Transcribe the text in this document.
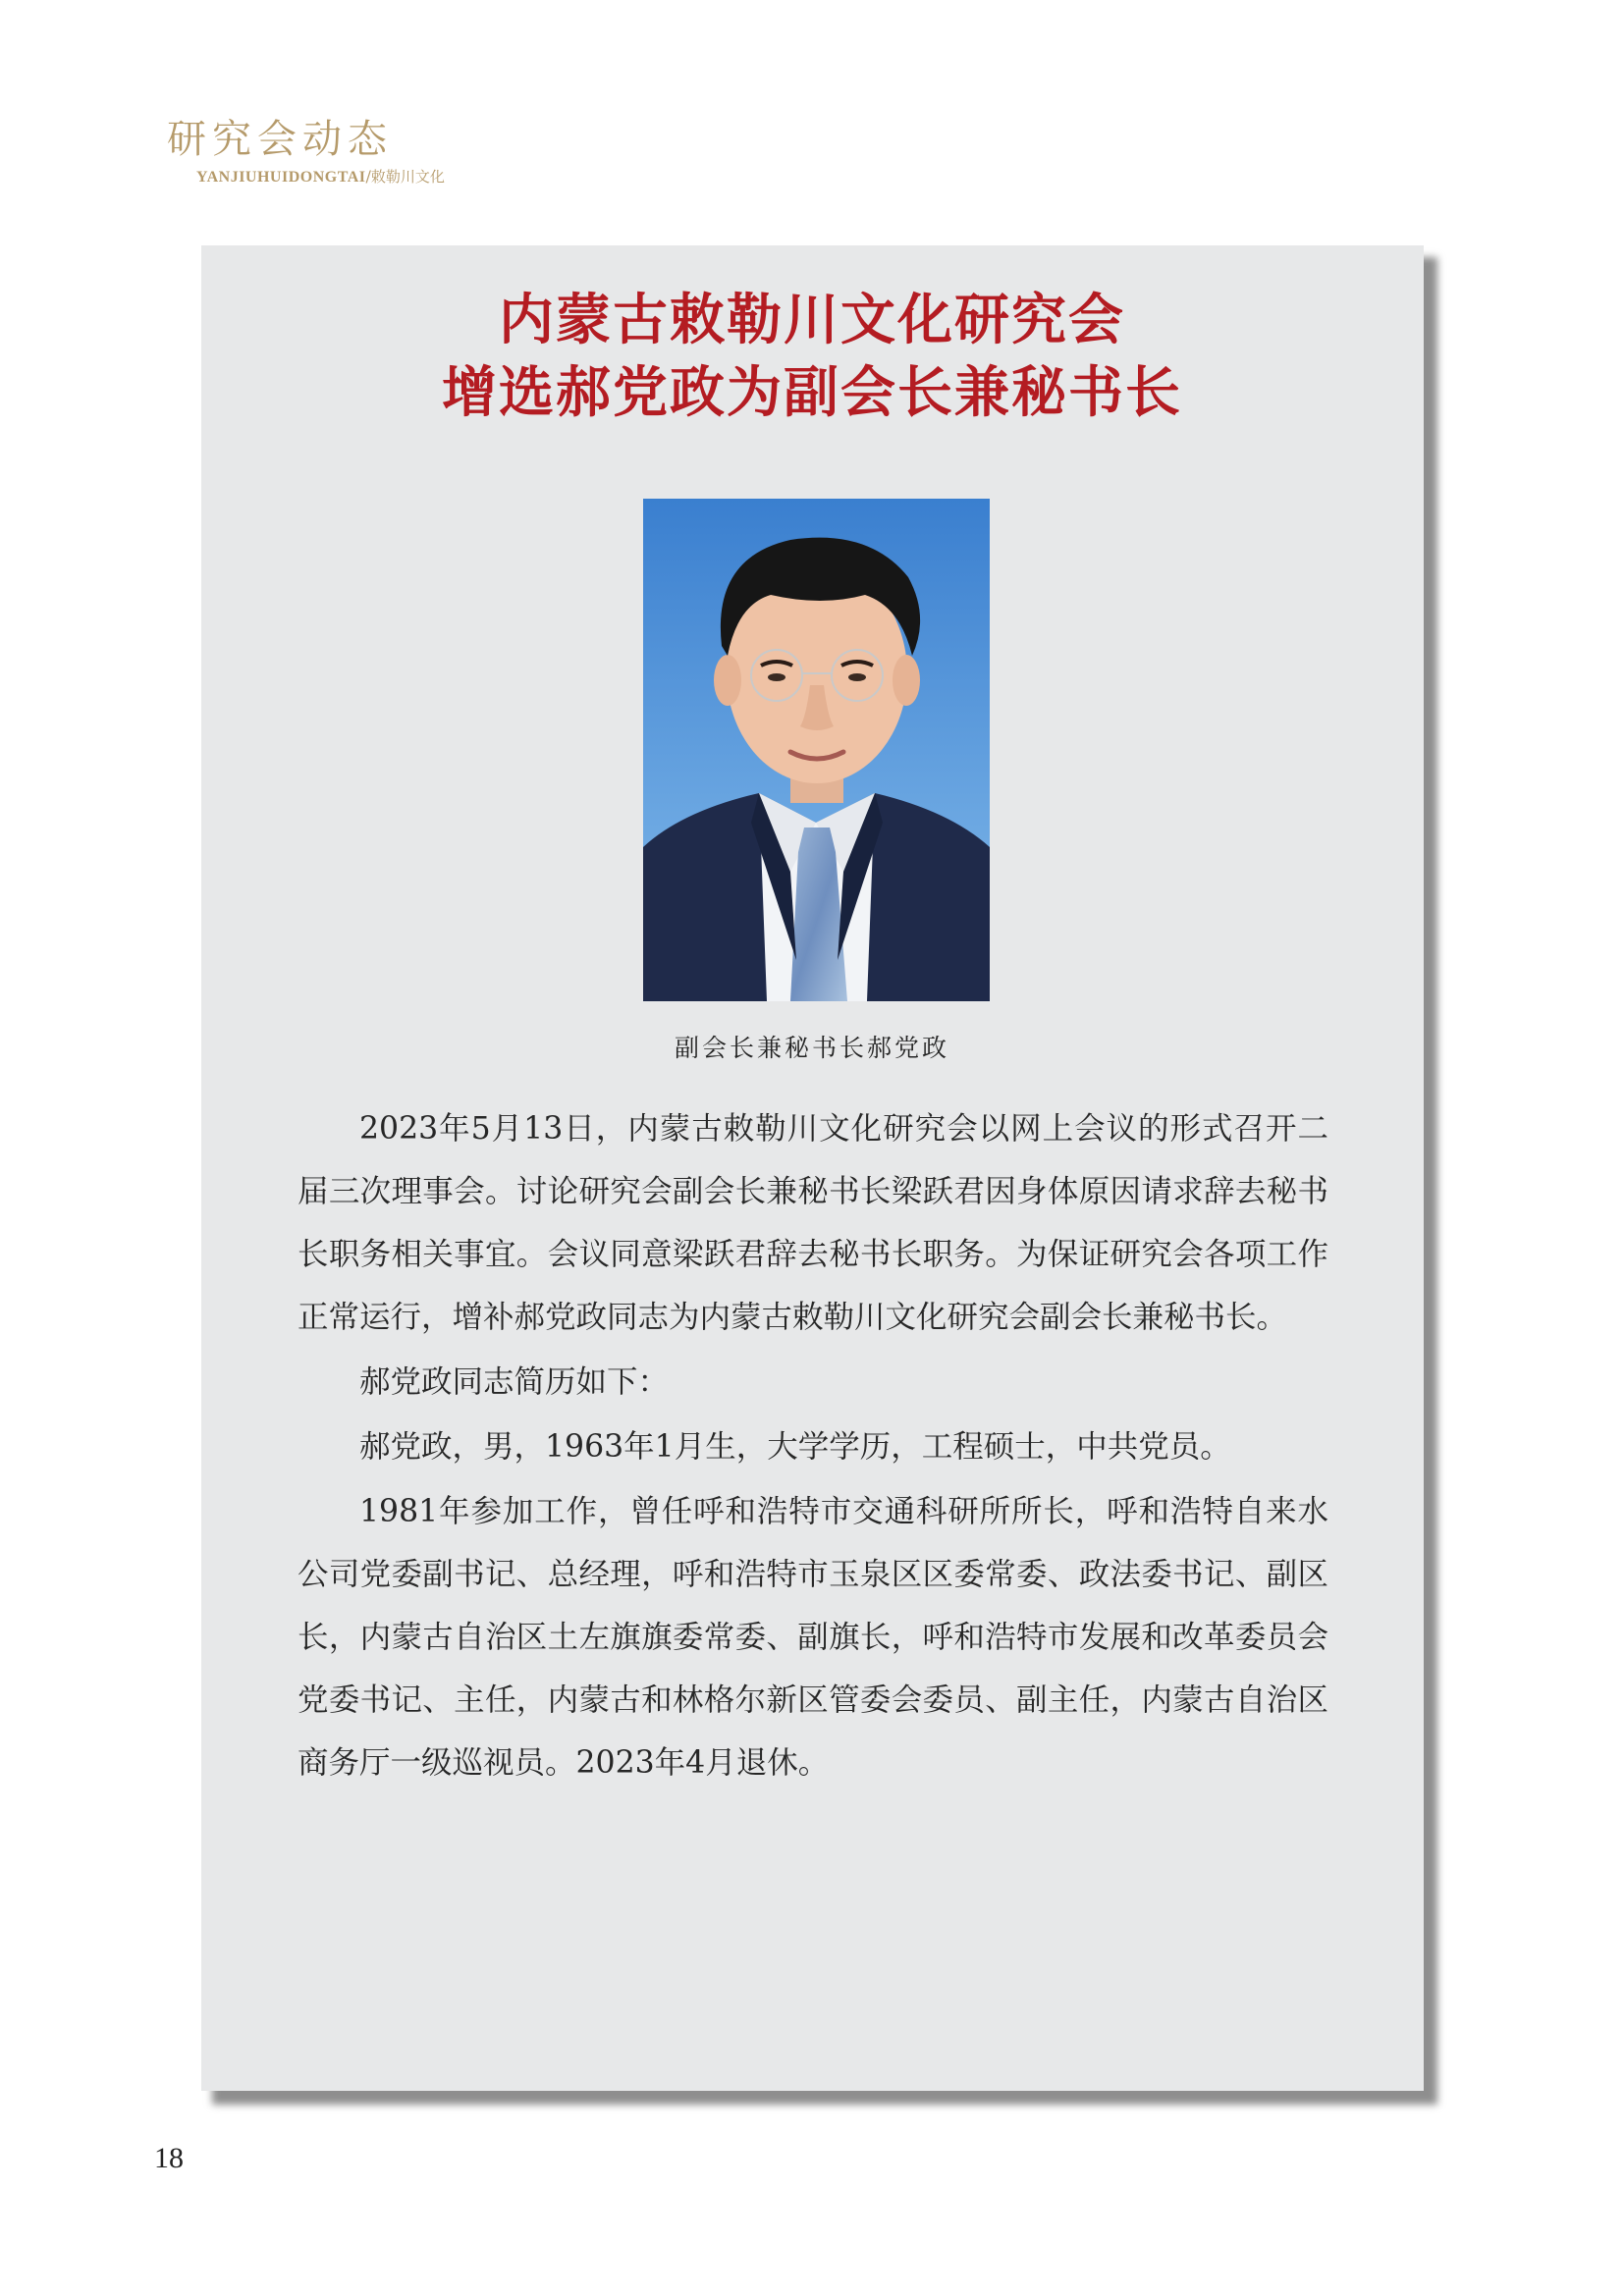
研究会动态
YANJIUHUIDONGTAI/敕勒川文化
内蒙古敕勒川文化研究会
增选郝党政为副会长兼秘书长
副会长兼秘书长郝党政

2023年5月13日，内蒙古敕勒川文化研究会以网上会议的形式召开二届三次理事会。讨论研究会副会长兼秘书长梁跃君因身体原因请求辞去秘书长职务相关事宜。会议同意梁跃君辞去秘书长职务。为保证研究会各项工作正常运行，增补郝党政同志为内蒙古敕勒川文化研究会副会长兼秘书长。

郝党政同志简历如下：

郝党政，男，1963年1月生，大学学历，工程硕士，中共党员。

1981年参加工作，曾任呼和浩特市交通科研所所长，呼和浩特自来水公司党委副书记、总经理，呼和浩特市玉泉区区委常委、政法委书记、副区长，内蒙古自治区土左旗旗委常委、副旗长，呼和浩特市发展和改革委员会党委书记、主任，内蒙古和林格尔新区管委会委员、副主任，内蒙古自治区商务厅一级巡视员。2023年4月退休。

18
